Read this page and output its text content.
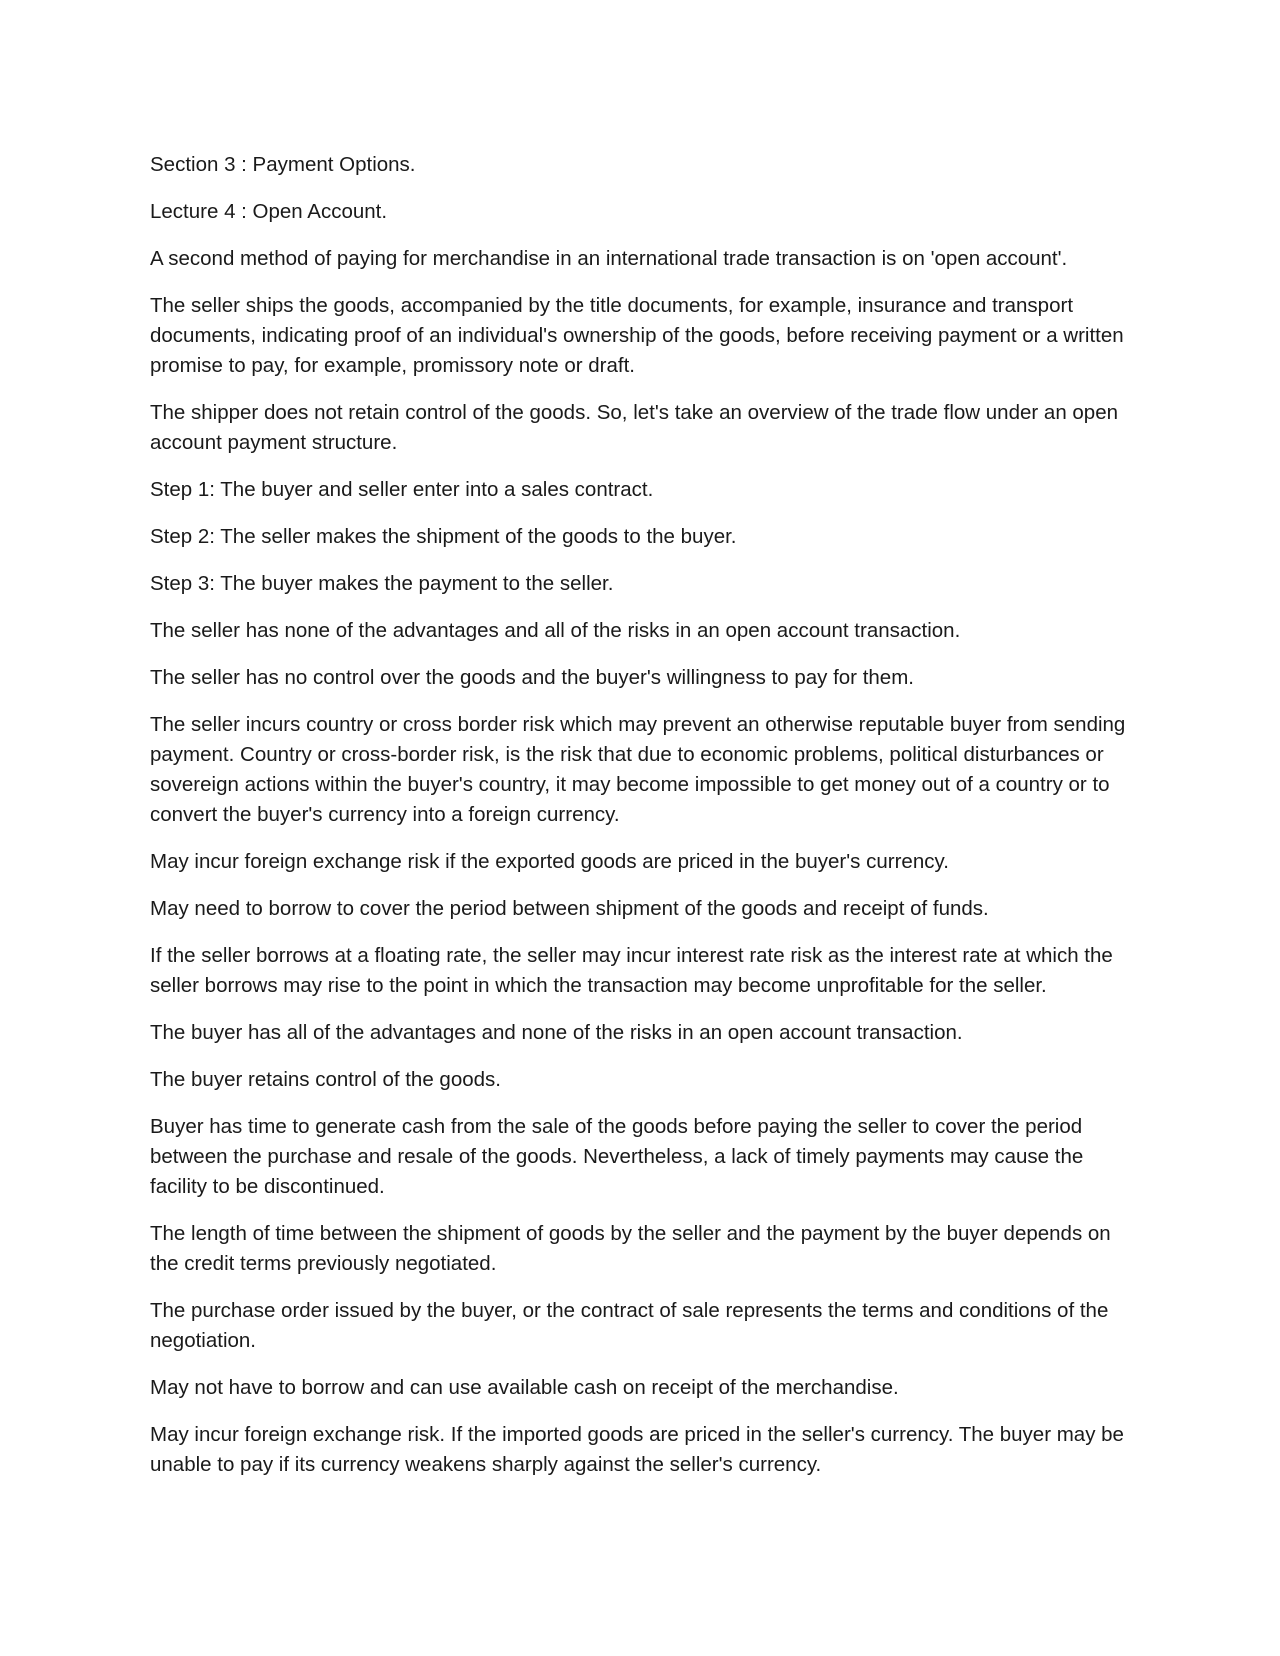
Section 3 : Payment Options.

Lecture 4 : Open Account.

A second method of paying for merchandise in an international trade transaction is on 'open account'.

The seller ships the goods, accompanied by the title documents, for example, insurance and transport documents, indicating proof of an individual's ownership of the goods, before receiving payment or a written promise to pay, for example, promissory note or draft.

The shipper does not retain control of the goods. So, let's take an overview of the trade flow under an open account payment structure.

Step 1: The buyer and seller enter into a sales contract.

Step 2: The seller makes the shipment of the goods to the buyer.

Step 3: The buyer makes the payment to the seller.

The seller has none of the advantages and all of the risks in an open account transaction.

The seller has no control over the goods and the buyer's willingness to pay for them.

The seller incurs country or cross border risk which may prevent an otherwise reputable buyer from sending payment. Country or cross-border risk, is the risk that due to economic problems, political disturbances or sovereign actions within the buyer's country, it may become impossible to get money out of a country or to convert the buyer's currency into a foreign currency.

May incur foreign exchange risk if the exported goods are priced in the buyer's currency.

May need to borrow to cover the period between shipment of the goods and receipt of funds.

If the seller borrows at a floating rate, the seller may incur interest rate risk as the interest rate at which the seller borrows may rise to the point in which the transaction may become unprofitable for the seller.

The buyer has all of the advantages and none of the risks in an open account transaction.

The buyer retains control of the goods.

Buyer has time to generate cash from the sale of the goods before paying the seller to cover the period between the purchase and resale of the goods. Nevertheless, a lack of timely payments may cause the facility to be discontinued.

The length of time between the shipment of goods by the seller and the payment by the buyer depends on the credit terms previously negotiated.

The purchase order issued by the buyer, or the contract of sale represents the terms and conditions of the negotiation.

May not have to borrow and can use available cash on receipt of the merchandise.

May incur foreign exchange risk. If the imported goods are priced in the seller's currency. The buyer may be unable to pay if its currency weakens sharply against the seller's currency.
